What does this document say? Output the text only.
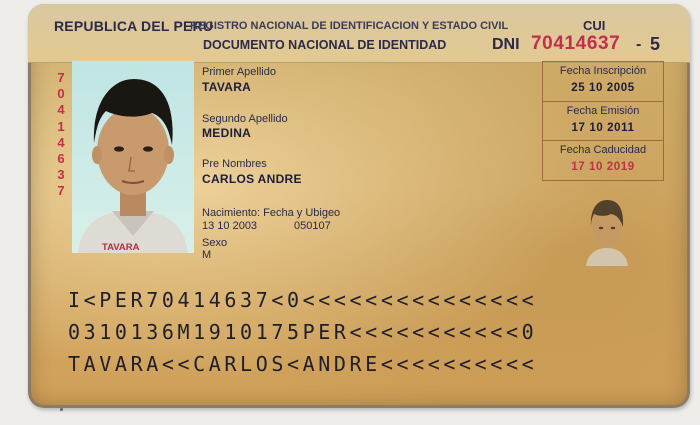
REPUBLICA DEL PERU
REGISTRO NACIONAL DE IDENTIFICACION Y ESTADO CIVIL
DOCUMENTO NACIONAL DE IDENTIDAD
CUI
DNI 70414637 - 5
70414637
TAVARA
Primer Apellido
TAVARA
Segundo Apellido
MEDINA
Pre Nombres
CARLOS ANDRE
Nacimiento: Fecha y Ubigeo
13 10 2003	050107
Sexo
M
Fecha Inscripción
25 10 2005
Fecha Emisión
17 10 2011
Fecha Caducidad
17 10 2019
I<PER70414637<0<<<<<<<<<<<<<<<
0310136M1910175PER<<<<<<<<<<<0
TAVARA<<CARLOS<ANDRE<<<<<<<<<<
